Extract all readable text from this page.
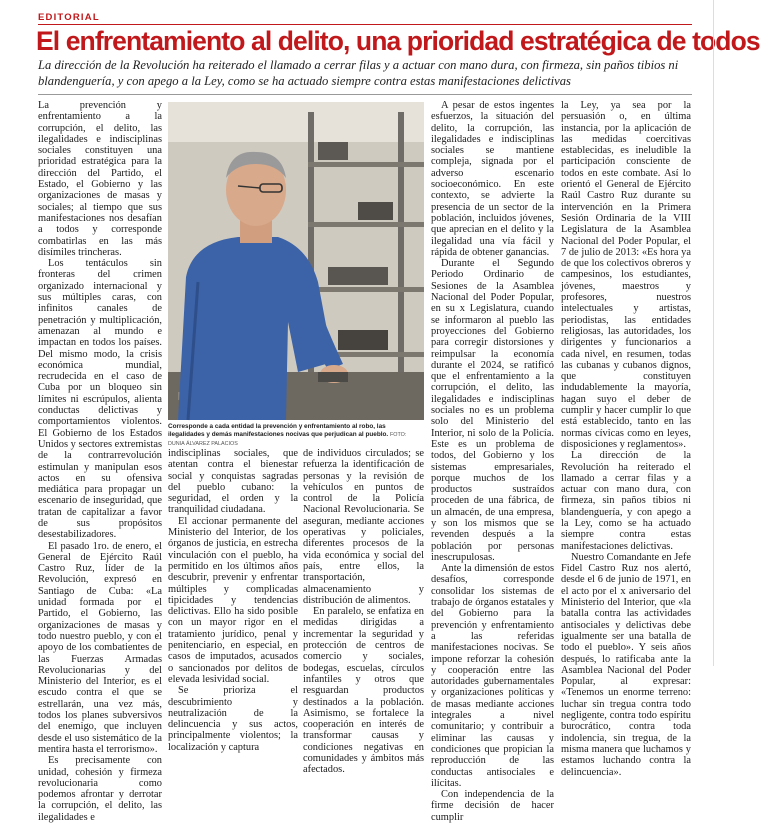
EDITORIAL
El enfrentamiento al delito, una prioridad estratégica de todos
La dirección de la Revolución ha reiterado el llamado a cerrar filas y a actuar con mano dura, con firmeza, sin paños tibios ni blandenguería, y con apego a la Ley, como se ha actuado siempre contra estas manifestaciones delictivas

La prevención y enfrentamiento a la corrupción, el delito, las ilegalidades e indisciplinas sociales constituyen una prioridad estratégica para la dirección del Partido, el Estado, el Gobierno y las organizaciones de masas y sociales; al tiempo que sus manifestaciones nos desafían a todos y corresponde combatirlas en las más disímiles trincheras.

Los tentáculos sin fronteras del crimen organizado internacional y sus múltiples caras, con infinitos canales de penetración y multiplicación, amenazan al mundo e impactan en todos los países. Del mismo modo, la crisis económica mundial, recrudecida en el caso de Cuba por un bloqueo sin límites ni escrúpulos, alienta conductas delictivas y comportamientos violentos. El Gobierno de los Estados Unidos y sectores extremistas de la contrarrevolución estimulan y manipulan esos actos en su ofensiva mediática para propagar un escenario de inseguridad, que tratan de capitalizar a favor de sus propósitos desestabilizadores.

El pasado 1ro. de enero, el General de Ejército Raúl Castro Ruz, líder de la Revolución, expresó en Santiago de Cuba: «La unidad formada por el Partido, el Gobierno, las organizaciones de masas y todo nuestro pueblo, y con el apoyo de los combatientes de las Fuerzas Armadas Revolucionarias y del Ministerio del Interior, es el escudo contra el que se estrellarán, una vez más, todos los planes subversivos del enemigo, que incluyen desde el uso sistemático de la mentira hasta el terrorismo».

Es precisamente con unidad, cohesión y firmeza revolucionaria como podemos afrontar y derrotar la corrupción, el delito, las ilegalidades e

Corresponde a cada entidad la prevención y enfrentamiento al robo, las ilegalidades y demás manifestaciones nocivas que perjudican al pueblo. FOTO: DUNIA ÁLVAREZ PALACIOS

indisciplinas sociales, que atentan contra el bienestar social y conquistas sagradas del pueblo cubano: la seguridad, el orden y la tranquilidad ciudadana.

El accionar permanente del Ministerio del Interior, de los órganos de justicia, en estrecha vinculación con el pueblo, ha permitido en los últimos años descubrir, prevenir y enfrentar múltiples y complicadas tipicidades y tendencias delictivas. Ello ha sido posible con un mayor rigor en el tratamiento jurídico, penal y penitenciario, en especial, en casos de imputados, acusados o sancionados por delitos de elevada lesividad social.

Se prioriza el descubrimiento y neutralización de la delincuencia y sus actos, principalmente violentos; la localización y captura

de individuos circulados; se refuerza la identificación de personas y la revisión de vehículos en puntos de control de la Policía Nacional Revolucionaria. Se aseguran, mediante acciones operativas y policiales, diferentes procesos de la vida económica y social del país, entre ellos, la transportación, almacenamiento y distribución de alimentos.

En paralelo, se enfatiza en medidas dirigidas a incrementar la seguridad y protección de centros de comercio y sociales, bodegas, escuelas, círculos infantiles y otros que resguardan productos destinados a la población. Asimismo, se fortalece la cooperación en interés de transformar causas y condiciones negativas en comunidades y ámbitos más afectados.

A pesar de estos ingentes esfuerzos, la situación del delito, la corrupción, las ilegalidades e indisciplinas sociales se mantiene compleja, signada por el adverso escenario socioeconómico. En este contexto, se advierte la presencia de un sector de la población, incluidos jóvenes, que aprecian en el delito y la ilegalidad una vía fácil y rápida de obtener ganancias.

Durante el Segundo Periodo Ordinario de Sesiones de la Asamblea Nacional del Poder Popular, en su x Legislatura, cuando se informaron al pueblo las proyecciones del Gobierno para corregir distorsiones y reimpulsar la economía durante el 2024, se ratificó que el enfrentamiento a la corrupción, el delito, las ilegalidades e indisciplinas sociales no es un problema solo del Ministerio del Interior, ni solo de la Policía. Este es un problema de todos, del Gobierno y los sistemas empresariales, porque muchos de los productos sustraídos proceden de una fábrica, de un almacén, de una empresa, y son los mismos que se revenden después a la población por personas inescrupulosas.

Ante la dimensión de estos desafíos, corresponde consolidar los sistemas de trabajo de órganos estatales y del Gobierno para la prevención y enfrentamiento a las referidas manifestaciones nocivas. Se impone reforzar la cohesión y cooperación entre las autoridades gubernamentales y organizaciones políticas y de masas mediante acciones integrales a nivel comunitario; y contribuir a eliminar las causas y condiciones que propician la reproducción de las conductas antisociales e ilícitas.

Con independencia de la firme decisión de hacer cumplir

la Ley, ya sea por la persuasión o, en última instancia, por la aplicación de las medidas coercitivas establecidas, es ineludible la participación consciente de todos en este combate. Así lo orientó el General de Ejército Raúl Castro Ruz durante su intervención en la Primera Sesión Ordinaria de la VIII Legislatura de la Asamblea Nacional del Poder Popular, el 7 de julio de 2013: «Es hora ya de que los colectivos obreros y campesinos, los estudiantes, jóvenes, maestros y profesores, nuestros intelectuales y artistas, periodistas, las entidades religiosas, las autoridades, los dirigentes y funcionarios a cada nivel, en resumen, todas las cubanas y cubanos dignos, que constituyen indudablemente la mayoría, hagan suyo el deber de cumplir y hacer cumplir lo que está establecido, tanto en las normas cívicas como en leyes, disposiciones y reglamentos».

La dirección de la Revolución ha reiterado el llamado a cerrar filas y a actuar con mano dura, con firmeza, sin paños tibios ni blandenguería, y con apego a la Ley, como se ha actuado siempre contra estas manifestaciones delictivas.

Nuestro Comandante en Jefe Fidel Castro Ruz nos alertó, desde el 6 de junio de 1971, en el acto por el x aniversario del Ministerio del Interior, que «la batalla contra las actividades antisociales y delictivas debe igualmente ser una batalla de todo el pueblo». Y seis años después, lo ratificaba ante la Asamblea Nacional del Poder Popular, al expresar: «Tenemos un enorme terreno: luchar sin tregua contra todo negligente, contra todo espíritu burocrático, contra toda indolencia, sin tregua, de la misma manera que luchamos y estamos luchando contra la delincuencia».
